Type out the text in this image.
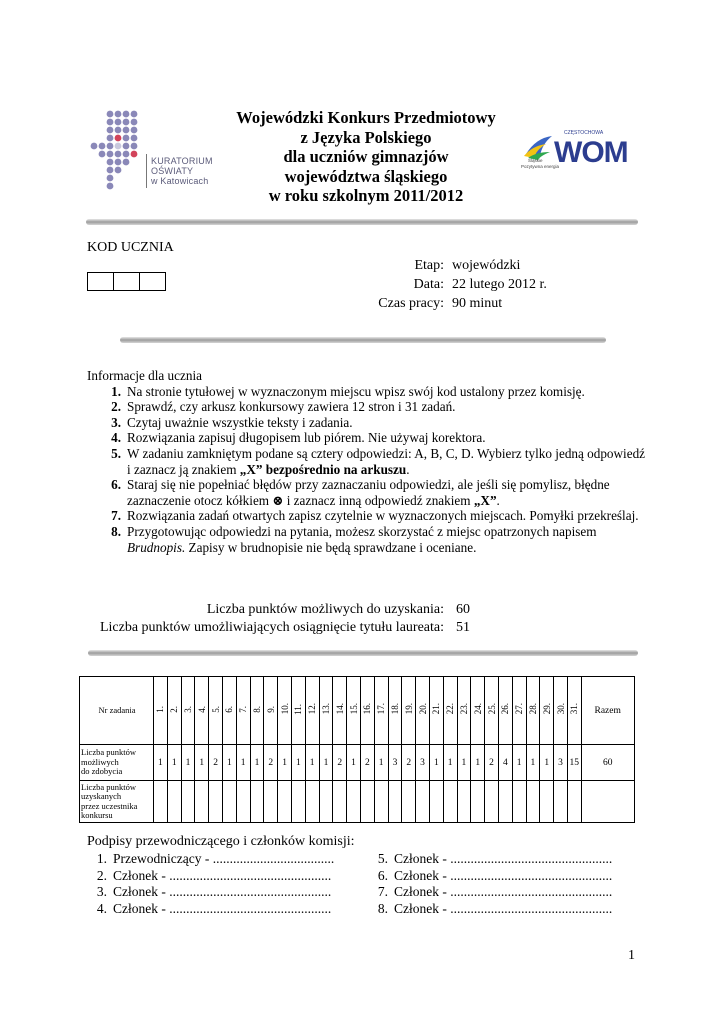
KURATORIUM
OŚWIATY
w Katowicach
Wojewódzki Konkurs Przedmiotowy
z Języka Polskiego
dla uczniów gimnazjów
województwa śląskiego
w roku szkolnym 2011/2012
CZĘSTOCHOWA
WOM
Śląskie
Pozytywna energia
KOD UCZNIA
Etap: wojewódzki
Data: 22 lutego 2012 r.
Czas pracy: 90 minut
Informacje dla ucznia
1. Na stronie tytułowej w wyznaczonym miejscu wpisz swój kod ustalony przez komisję.
2. Sprawdź, czy arkusz konkursowy zawiera 12 stron i 31 zadań.
3. Czytaj uważnie wszystkie teksty i zadania.
4. Rozwiązania zapisuj długopisem lub piórem. Nie używaj korektora.
5. W zadaniu zamkniętym podane są cztery odpowiedzi: A, B, C, D. Wybierz tylko jedną odpowiedź i zaznacz ją znakiem „X” bezpośrednio na arkuszu.
6. Staraj się nie popełniać błędów przy zaznaczaniu odpowiedzi, ale jeśli się pomylisz, błędne zaznaczenie otocz kółkiem ⊗ i zaznacz inną odpowiedź znakiem „X”.
7. Rozwiązania zadań otwartych zapisz czytelnie w wyznaczonych miejscach. Pomyłki przekreślaj.
8. Przygotowując odpowiedzi na pytania, możesz skorzystać z miejsc opatrzonych napisem Brudnopis. Zapisy w brudnopisie nie będą sprawdzane i oceniane.
Liczba punktów możliwych do uzyskania: 60
Liczba punktów umożliwiających osiągnięcie tytułu laureata: 51
Nr zadania	1.	2.	3.	4.	5.	6.	7.	8.	9.	10.	11.	12.	13.	14.	15.	16.	17.	18.	19.	20.	21.	22.	23.	24.	25.	26.	27.	28.	29.	30.	31.	Razem

Liczba punktów
możliwych
do zdobycia	1	1	1	1	2	1	1	1	2	1	1	1	1	2	1	2	1	3	2	3	1	1	1	1	2	4	1	1	1	3	15	60

Liczba punktów
uzyskanych
przez uczestnika
konkursu																																

Podpisy przewodniczącego i członków komisji:
1. Przewodniczący - ....................................
2. Członek - ................................................
3. Członek - ................................................
4. Członek - ................................................
5. Członek - ................................................
6. Członek - ................................................
7. Członek - ................................................
8. Członek - ................................................
1
